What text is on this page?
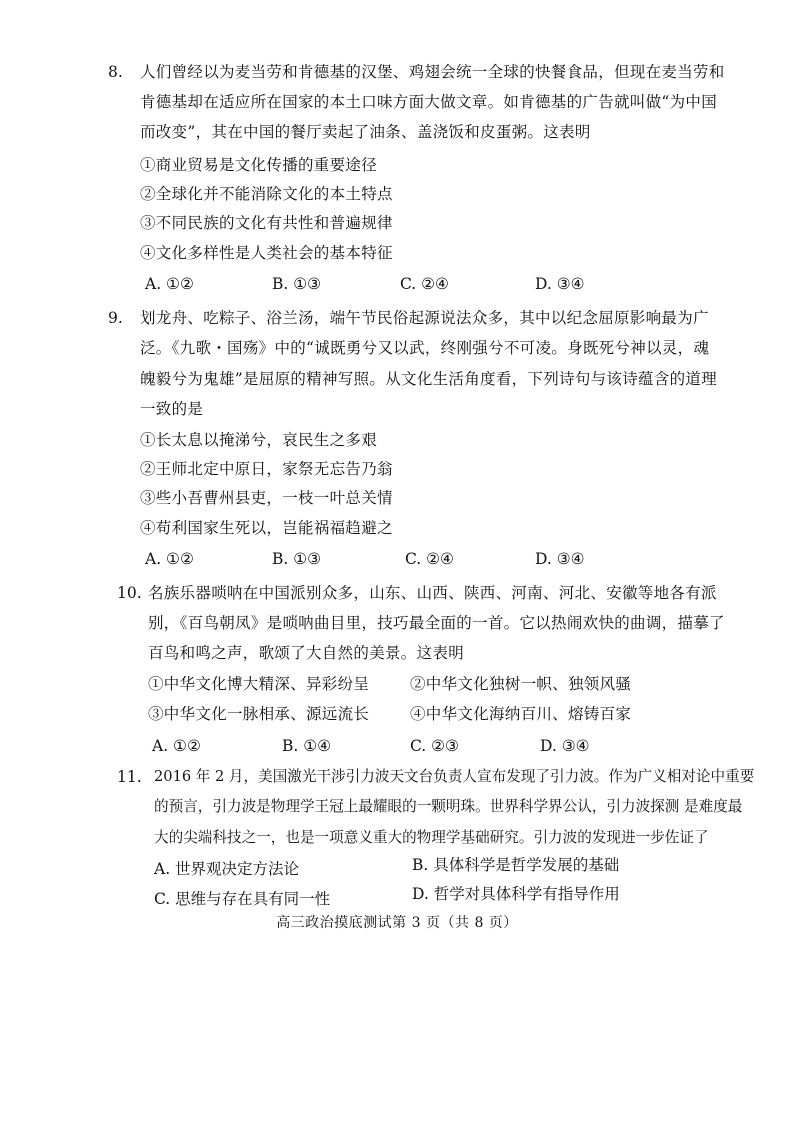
8. 人们曾经以为麦当劳和肯德基的汉堡、鸡翅会统一全球的快餐食品，但现在麦当劳和
肯德基却在适应所在国家的本土口味方面大做文章。如肯德基的广告就叫做“为中国
而改变”，其在中国的餐厅卖起了油条、盖浇饭和皮蛋粥。这表明
①商业贸易是文化传播的重要途径
②全球化并不能消除文化的本土特点
③不同民族的文化有共性和普遍规律
④文化多样性是人类社会的基本特征
A. ①②	B. ①③	C. ②④	D. ③④
9. 划龙舟、吃粽子、浴兰汤，端午节民俗起源说法众多，其中以纪念屈原影响最为广
泛。《九歌・国殇》中的“诚既勇兮又以武，终刚强兮不可凌。身既死兮神以灵，魂
魄毅兮为鬼雄”是屈原的精神写照。从文化生活角度看，下列诗句与该诗蕴含的道理
一致的是
①长太息以掩涕兮，哀民生之多艰
②王师北定中原日，家祭无忘告乃翁
③些小吾曹州县吏，一枝一叶总关情
④苟利国家生死以，岂能祸福趋避之
A. ①②	B. ①③	C. ②④	D. ③④
10. 名族乐器唢呐在中国派别众多，山东、山西、陕西、河南、河北、安徽等地各有派
别，《百鸟朝凤》是唢呐曲目里，技巧最全面的一首。它以热闹欢快的曲调，描摹了
百鸟和鸣之声，歌颂了大自然的美景。这表明
①中华文化博大精深、异彩纷呈	②中华文化独树一帜、独领风骚
③中华文化一脉相承、源远流长	④中华文化海纳百川、熔铸百家
A. ①②	B. ①④	C. ②③	D. ③④
11. 2016 年 2 月，美国激光干涉引力波天文台负责人宣布发现了引力波。作为广义相对论中重要
的预言，引力波是物理学王冠上最耀眼的一颗明珠。世界科学界公认，引力波探测 是难度最
大的尖端科技之一，也是一项意义重大的物理学基础研究。引力波的发现进一步佐证了
A. 世界观决定方法论	B. 具体科学是哲学发展的基础
C. 思维与存在具有同一性	D. 哲学对具体科学有指导作用
高三政治摸底测试第 3 页（共 8 页）
